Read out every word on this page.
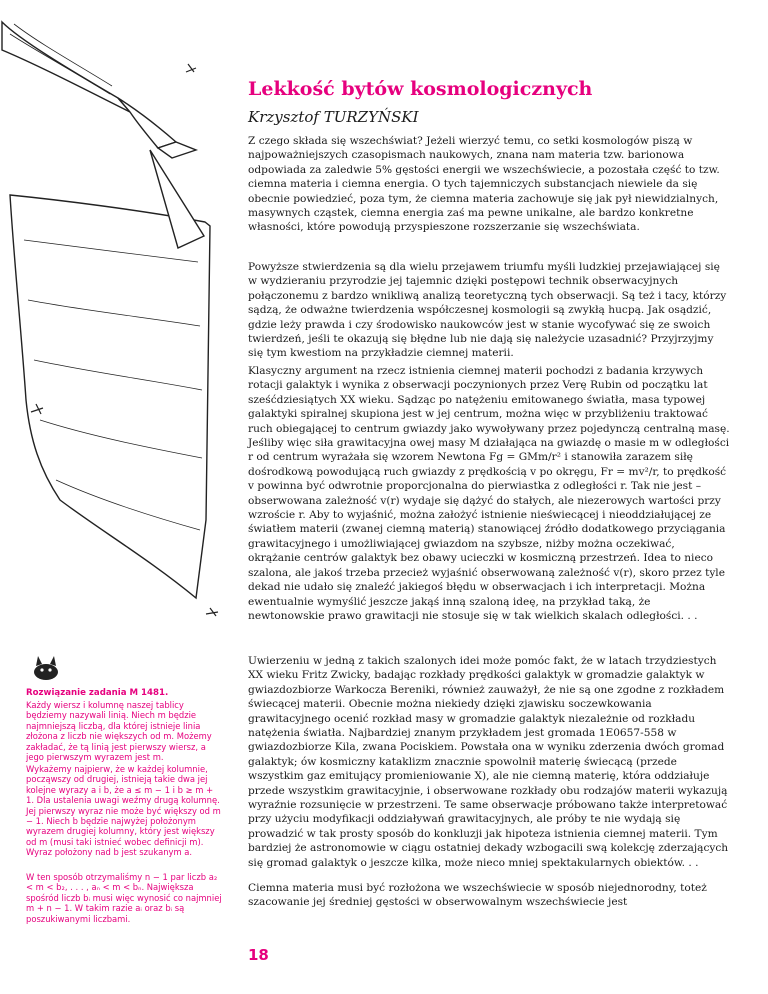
Lekkość bytów kosmologicznych

Krzysztof TURZYŃSKI

Z czego składa się wszechświat? Jeżeli wierzyć temu, co setki kosmologów piszą w najpoważniejszych czasopismach naukowych, znana nam materia tzw. barionowa odpowiada za zaledwie 5% gęstości energii we wszechświecie, a pozostała część to tzw. ciemna materia i ciemna energia. O tych tajemniczych substancjach niewiele da się obecnie powiedzieć, poza tym, że ciemna materia zachowuje się jak pył niewidzialnych, masywnych cząstek, ciemna energia zaś ma pewne unikalne, ale bardzo konkretne własności, które powodują przyspieszone rozszerzanie się wszechświata.

Powyższe stwierdzenia są dla wielu przejawem triumfu myśli ludzkiej przejawiającej się w wydzieraniu przyrodzie jej tajemnic dzięki postępowi technik obserwacyjnych połączonemu z bardzo wnikliwą analizą teoretyczną tych obserwacji. Są też i tacy, którzy sądzą, że odważne twierdzenia współczesnej kosmologii są zwykłą hucpą. Jak osądzić, gdzie leży prawda i czy środowisko naukowców jest w stanie wycofywać się ze swoich twierdzeń, jeśli te okazują się błędne lub nie dają się należycie uzasadnić? Przyjrzyjmy się tym kwestiom na przykładzie ciemnej materii.

Klasyczny argument na rzecz istnienia ciemnej materii pochodzi z badania krzywych rotacji galaktyk i wynika z obserwacji poczynionych przez Verę Rubin od początku lat sześćdziesiątych XX wieku. Sądząc po natężeniu emitowanego światła, masa typowej galaktyki spiralnej skupiona jest w jej centrum, można więc w przybliżeniu traktować ruch obiegającej to centrum gwiazdy jako wywoływany przez pojedynczą centralną masę. Jeśliby więc siła grawitacyjna owej masy M działająca na gwiazdę o masie m w odległości r od centrum wyrażała się wzorem Newtona Fg = GMm/r² i stanowiła zarazem siłę dośrodkową powodującą ruch gwiazdy z prędkością v po okręgu, Fr = mv²/r, to prędkość v powinna być odwrotnie proporcjonalna do pierwiastka z odległości r. Tak nie jest – obserwowana zależność v(r) wydaje się dążyć do stałych, ale niezerowych wartości przy wzroście r. Aby to wyjaśnić, można założyć istnienie nieświecącej i nieoddziałującej ze światłem materii (zwanej ciemną materią) stanowiącej źródło dodatkowego przyciągania grawitacyjnego i umożliwiającej gwiazdom na szybsze, niżby można oczekiwać, okrążanie centrów galaktyk bez obawy ucieczki w kosmiczną przestrzeń. Idea to nieco szalona, ale jakoś trzeba przecież wyjaśnić obserwowaną zależność v(r), skoro przez tyle dekad nie udało się znaleźć jakiegoś błędu w obserwacjach i ich interpretacji. Można ewentualnie wymyślić jeszcze jakąś inną szaloną ideę, na przykład taką, że newtonowskie prawo grawitacji nie stosuje się w tak wielkich skalach odległości. . .

Uwierzeniu w jedną z takich szalonych idei może pomóc fakt, że w latach trzydziestych XX wieku Fritz Zwicky, badając rozkłady prędkości galaktyk w gromadzie galaktyk w gwiazdozbiorze Warkocza Bereniki, również zauważył, że nie są one zgodne z rozkładem świecącej materii. Obecnie można niekiedy dzięki zjawisku soczewkowania grawitacyjnego ocenić rozkład masy w gromadzie galaktyk niezależnie od rozkładu natężenia światła. Najbardziej znanym przykładem jest gromada 1E0657-558 w gwiazdozbiorze Kila, zwana Pociskiem. Powstała ona w wyniku zderzenia dwóch gromad galaktyk; ów kosmiczny kataklizm znacznie spowolnił materię świecącą (przede wszystkim gaz emitujący promieniowanie X), ale nie ciemną materię, która oddziałuje przede wszystkim grawitacyjnie, i obserwowane rozkłady obu rodzajów materii wykazują wyraźnie rozsunięcie w przestrzeni. Te same obserwacje próbowano także interpretować przy użyciu modyfikacji oddziaływań grawitacyjnych, ale próby te nie wydają się prowadzić w tak prosty sposób do konkluzji jak hipoteza istnienia ciemnej materii. Tym bardziej że astronomowie w ciągu ostatniej dekady wzbogacili swą kolekcję zderzających się gromad galaktyk o jeszcze kilka, może nieco mniej spektakularnych obiektów. . .

Ciemna materia musi być rozłożona we wszechświecie w sposób niejednorodny, toteż szacowanie jej średniej gęstości w obserwowalnym wszechświecie jest

Rozwiązanie zadania M 1481.

Każdy wiersz i kolumnę naszej tablicy będziemy nazywali linią. Niech m będzie najmniejszą liczbą, dla której istnieje linia złożona z liczb nie większych od m. Możemy zakładać, że tą linią jest pierwszy wiersz, a jego pierwszym wyrazem jest m.

Wykażemy najpierw, że w każdej kolumnie, począwszy od drugiej, istnieją takie dwa jej kolejne wyrazy a i b, że a ≤ m − 1 i b ≥ m + 1. Dla ustalenia uwagi weźmy drugą kolumnę. Jej pierwszy wyraz nie może być większy od m − 1. Niech b będzie najwyżej położonym wyrazem drugiej kolumny, który jest większy od m (musi taki istnieć wobec definicji m). Wyraz położony nad b jest szukanym a.

W ten sposób otrzymaliśmy n − 1 par liczb a₂ < m < b₂, . . . , aₙ < m < bₙ. Największa spośród liczb bᵢ musi więc wynosić co najmniej m + n − 1. W takim razie aᵢ oraz bᵢ są poszukiwanymi liczbami.

18
